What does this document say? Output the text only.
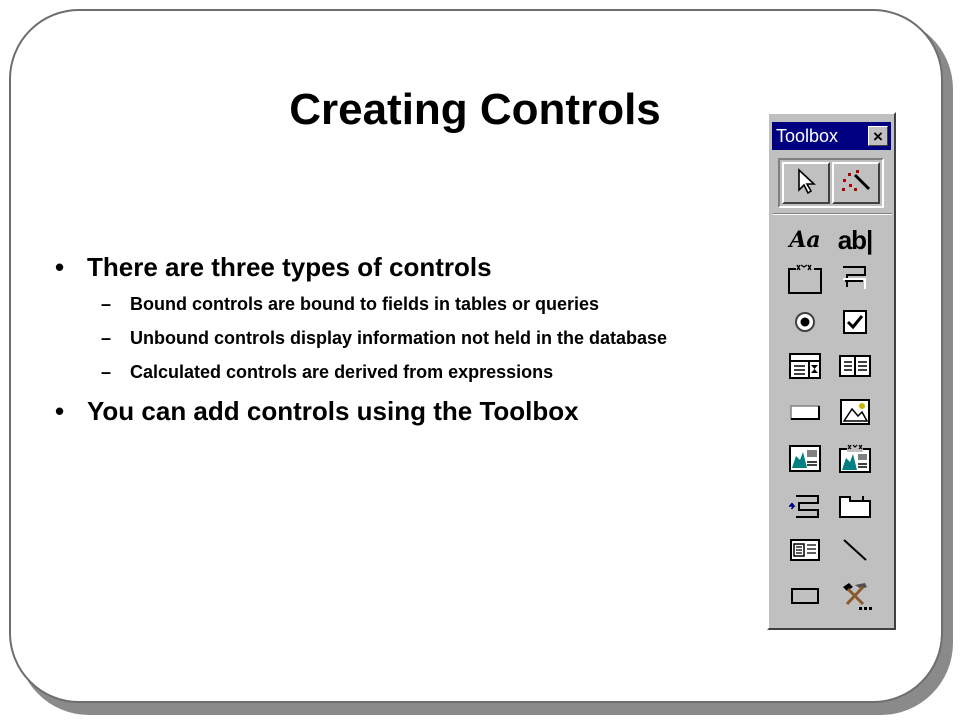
Creating Controls
• There are three types of controls
– Bound controls are bound to fields in tables or queries
– Unbound controls display information not held in the database
– Calculated controls are derived from expressions
• You can add controls using the Toolbox
Toolbox ×
Aa ab|
